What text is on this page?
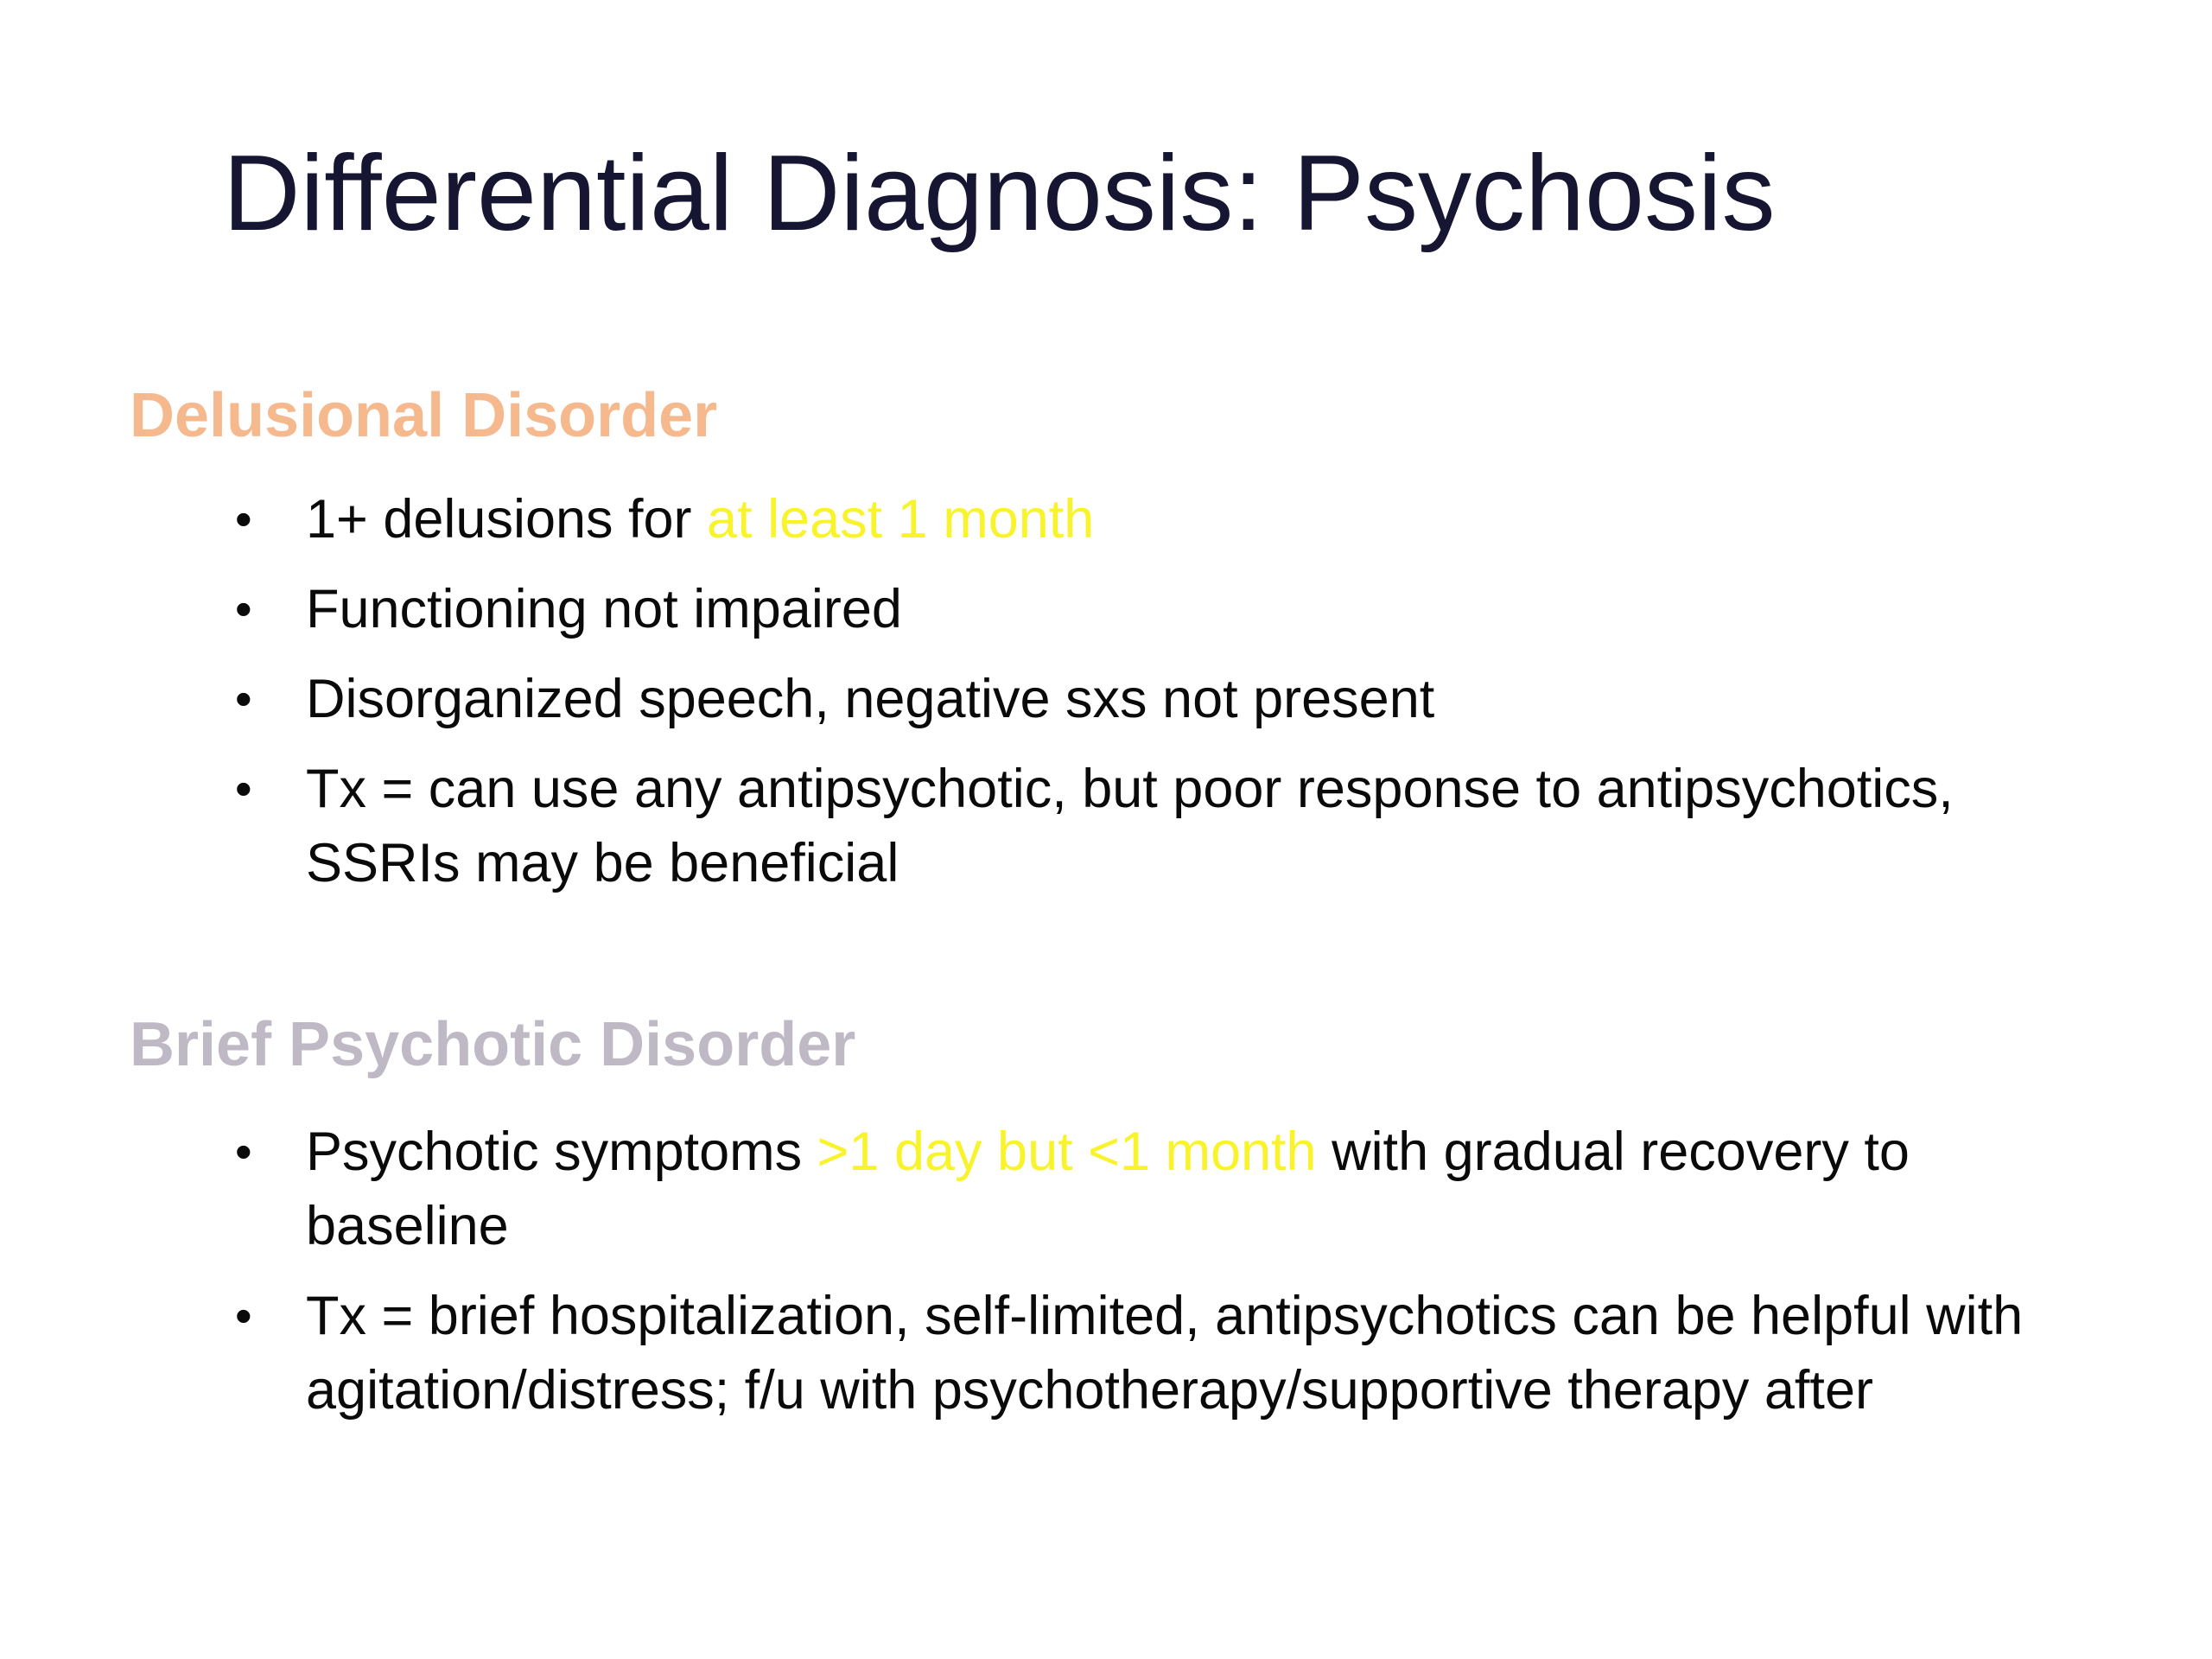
Differential Diagnosis: Psychosis
Delusional Disorder
• 1+ delusions for at least 1 month
• Functioning not impaired
• Disorganized speech, negative sxs not present
• Tx = can use any antipsychotic, but poor response to antipsychotics, SSRIs may be beneficial
Brief Psychotic Disorder
• Psychotic symptoms >1 day but <1 month with gradual recovery to baseline
• Tx = brief hospitalization, self-limited, antipsychotics can be helpful with agitation/distress; f/u with psychotherapy/supportive therapy after
